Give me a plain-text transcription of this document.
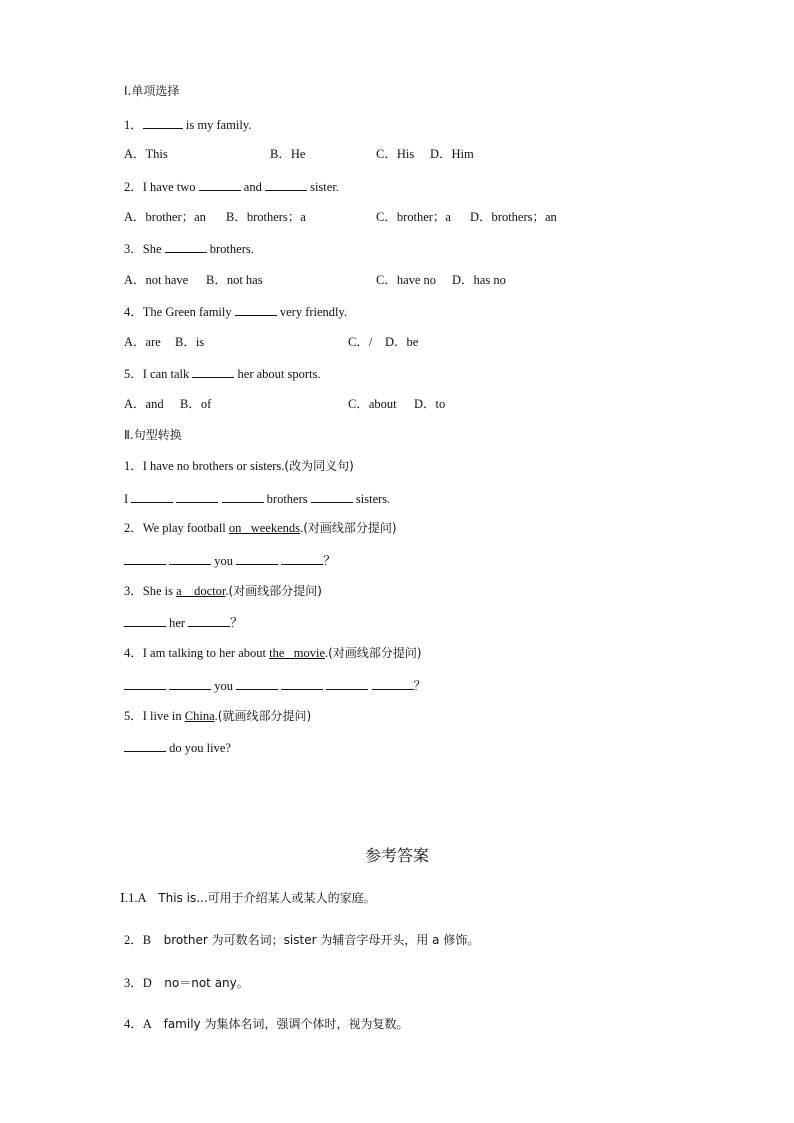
Ⅰ.单项选择
1．	is my family.
A．This	B．He	C．His D．Him
2．I have two	and	sister.
A．brother；an B．brothers；a	C．brother；a D．brothers；an
3．She	brothers.
A．not have B．not has	C．have no D．has no
4．The Green family	very friendly.
A．are B．is	C．/ D．be
5．I can talk	her about sports.
A．and B．of	C．about D．to
Ⅱ.句型转换
1．I have no brothers or sisters.(改为同义句)
I	brothers	sisters.
2．We play football on   weekends.(对画线部分提问)
you	？
3．She is a    doctor.(对画线部分提问)
her	？
4．I am talking to her about the   movie.(对画线部分提问)
you	？
5．I live in China.(就画线部分提问)
do you live?
参考答案
Ⅰ.1.A This is...可用于介绍某人或某人的家庭。
2．B brother 为可数名词；sister 为辅音字母开头，用 a 修饰。
3．D no＝not any。
4．A family 为集体名词，强调个体时，视为复数。
